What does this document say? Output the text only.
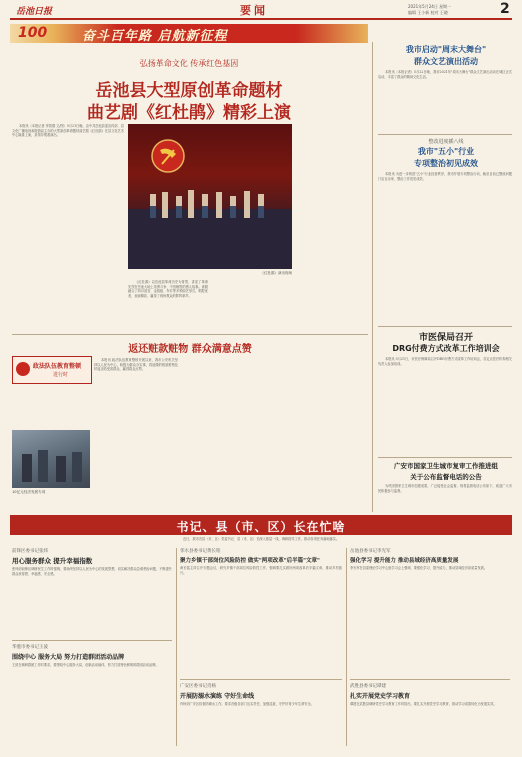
岳池日报	要闻	2021年5月24日 星期一
编辑 王小新 校对 王晓	2
100	奋斗百年路 启航新征程
弘扬革命文化 传承红色基因
岳池县大型原创革命题材
曲艺剧《红杜鹃》精彩上演

本报讯（本报记者 李智德 文/图）5月21日晚，由中共岳池县委宣传部、县文化广播电视和旅游局主办的大型原创革命题材曲艺剧《红杜鹃》在县文化艺术中心隆重上演，县领导观看演出。

《红杜鹃》演出现场

《红杜鹃》以岳池县革命历史为背景，讲述了革命先烈在岳池大地上英勇斗争、不怕牺牲的感人故事。该剧融合了四川清音、金钱板、车灯等多种曲艺形式，唱腔优美，表演精彩，赢得了现场观众的阵阵掌声。

返还赃款赃物 群众满意点赞
政法队伍教育整顿
进行时
10亿元经济发展专项

本报讯 政法队伍教育整顿开展以来，我市公安机关坚持以人民为中心，积极为群众办实事，将追缴的赃款赃物及时返还给受害群众，赢得群众点赞。

我市启动"周末大舞台"
群众文艺演出活动

本报讯（本报记者）5月22日晚，我市2021年"周末大舞台"群众文艺演出活动在城区正式启动，丰富了群众的精神文化生活。

整改进度插八线
我市"五小"行业
专项整治初见成效

本报讯 为进一步规范"五小"行业经营秩序，我市开展专项整治行动，截至目前已整改问题门店百余家，整治工作初见成效。

市医保局召开
DRG付费方式改革工作培训会

本报讯 5月21日，市医疗保障局召开DRG付费方式改革工作培训会，各定点医疗机构相关负责人参加培训。

广安市国家卫生城市复审工作推进组
关于公布监督电话的公告

为巩固国家卫生城市创建成果，广泛接受社会监督，现将监督电话公布如下，欢迎广大市民积极参与监督。

书记、县（市、区）长在忙啥
近日，我市各县（市、区）党委书记、县（市、区）长深入基层一线，调研指导工作，推动各项任务落地落实。
前锋区委书记张炜
用心服务群众 提升幸福指数
张炜到前锋区调研民生工作时强调，要始终坚持以人民为中心的发展思想，切实解决群众急难愁盼问题，不断提升群众获得感、幸福感、安全感。
华蓥市委书记王波
围绕中心 服务大局 努力打造群团活动品牌
王波在调研群团工作时要求，要围绕中心服务大局，创新活动载体，努力打造特色鲜明的群团活动品牌。
邻水县委书记黄长铭
聚力乡镇干部岗位风险防控 做实"两项改革"后半篇"文章"
黄长铭主持召开专题会议，研究乡镇干部岗位风险防控工作，强调要扎实做好两项改革后半篇文章，推动乡村振兴。
广安区委书记肖杨
开展防溺水演练 守好生命线
肖杨到广安区检查防溺水工作，要求各级各部门压实责任，加强巡查，守护好青少年生命安全。
岳池县委书记李光军
强化学习 提升能力 推动县域经济高质量发展
李光军在县委理论学习中心组学习会上强调，要强化学习、提升能力，推动县域经济高质量发展。
武胜县委书记谭建
扎实开展党史学习教育
谭建在武胜县调研党史学习教育工作时指出，要扎实开展党史学习教育，推动学习成果转化为发展实效。
